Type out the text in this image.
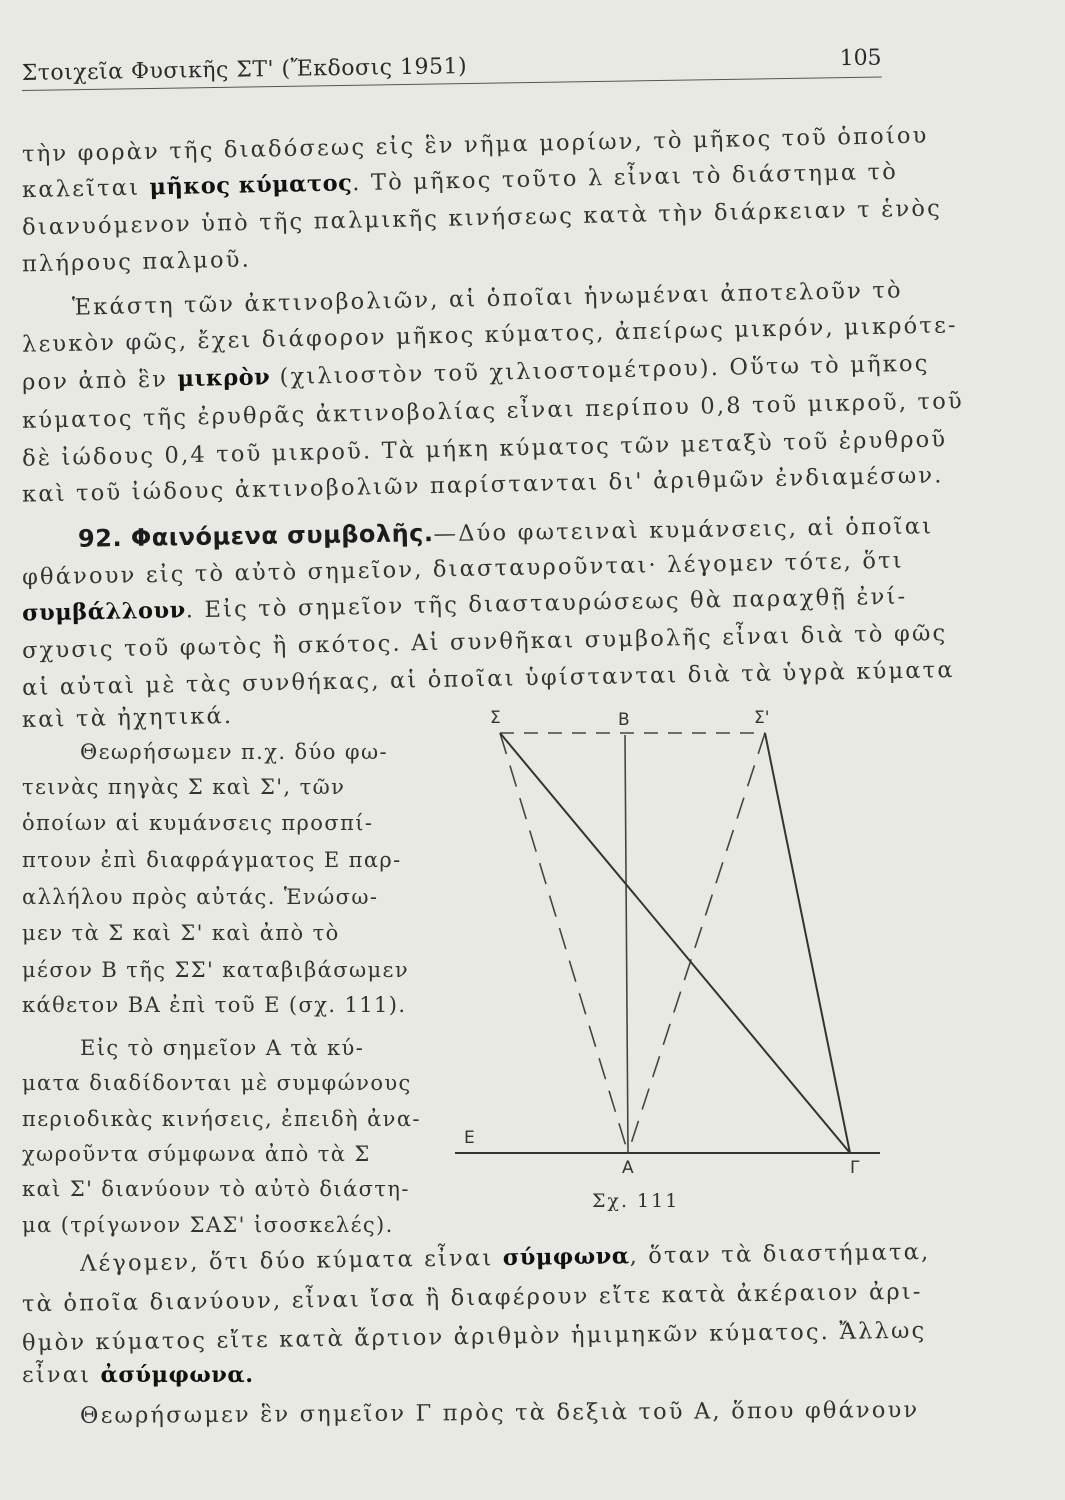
Στοιχεῖα Φυσικῆς ΣΤ' (Ἔκδοσις 1951)	105
τὴν φορὰν τῆς διαδόσεως εἰς ἓν νῆμα μορίων, τὸ μῆκος τοῦ ὁποίου
καλεῖται μῆκος κύματος. Τὸ μῆκος τοῦτο λ εἶναι τὸ διάστημα τὸ
διανυόμενον ὑπὸ τῆς παλμικῆς κινήσεως κατὰ τὴν διάρκειαν τ ἑνὸς
πλήρους παλμοῦ.
Ἑκάστη τῶν ἀκτινοβολιῶν, αἱ ὁποῖαι ἡνωμέναι ἀποτελοῦν τὸ
λευκὸν φῶς, ἔχει διάφορον μῆκος κύματος, ἀπείρως μικρόν, μικρότε-
ρον ἀπὸ ἓν μικρὸν (χιλιοστὸν τοῦ χιλιοστομέτρου). Οὕτω τὸ μῆκος
κύματος τῆς ἐρυθρᾶς ἀκτινοβολίας εἶναι περίπου 0,8 τοῦ μικροῦ, τοῦ
δὲ ἰώδους 0,4 τοῦ μικροῦ. Τὰ μήκη κύματος τῶν μεταξὺ τοῦ ἐρυθροῦ
καὶ τοῦ ἰώδους ἀκτινοβολιῶν παρίστανται δι' ἀριθμῶν ἐνδιαμέσων.
92. Φαινόμενα συμβολῆς.—Δύο φωτειναὶ κυμάνσεις, αἱ ὁποῖαι
φθάνουν εἰς τὸ αὐτὸ σημεῖον, διασταυροῦνται· λέγομεν τότε, ὅτι
συμβάλλουν. Εἰς τὸ σημεῖον τῆς διασταυρώσεως θὰ παραχθῇ ἐνί-
σχυσις τοῦ φωτὸς ἢ σκότος. Αἱ συνθῆκαι συμβολῆς εἶναι διὰ τὸ φῶς
αἱ αὐταὶ μὲ τὰς συνθήκας, αἱ ὁποῖαι ὑφίστανται διὰ τὰ ὑγρὰ κύματα
καὶ τὰ ἠχητικά.
Θεωρήσωμεν π.χ. δύο φω-
τεινὰς πηγὰς Σ καὶ Σ', τῶν
ὁποίων αἱ κυμάνσεις προσπί-
πτουν ἐπὶ διαφράγματος Ε παρ-
αλλήλου πρὸς αὐτάς. Ἑνώσω-
μεν τὰ Σ καὶ Σ' καὶ ἀπὸ τὸ
μέσον Β τῆς ΣΣ' καταβιβάσωμεν
κάθετον ΒΑ ἐπὶ τοῦ Ε (σχ. 111).
Εἰς τὸ σημεῖον Α τὰ κύ-
ματα διαδίδονται μὲ συμφώνους
περιοδικὰς κινήσεις, ἐπειδὴ ἀνα-
χωροῦντα σύμφωνα ἀπὸ τὰ Σ
καὶ Σ' διανύουν τὸ αὐτὸ διάστη-
μα (τρίγωνον ΣΑΣ' ἰσοσκελές).
Σ	Β	Σ'
Ε
Α	Γ
Σχ. 111
Λέγομεν, ὅτι δύο κύματα εἶναι σύμφωνα, ὅταν τὰ διαστήματα,
τὰ ὁποῖα διανύουν, εἶναι ἴσα ἢ διαφέρουν εἴτε κατὰ ἀκέραιον ἀρι-
θμὸν κύματος εἴτε κατὰ ἄρτιον ἀριθμὸν ἡμιμηκῶν κύματος. Ἄλλως
εἶναι ἀσύμφωνα.
Θεωρήσωμεν ἓν σημεῖον Γ πρὸς τὰ δεξιὰ τοῦ Α, ὅπου φθάνουν
